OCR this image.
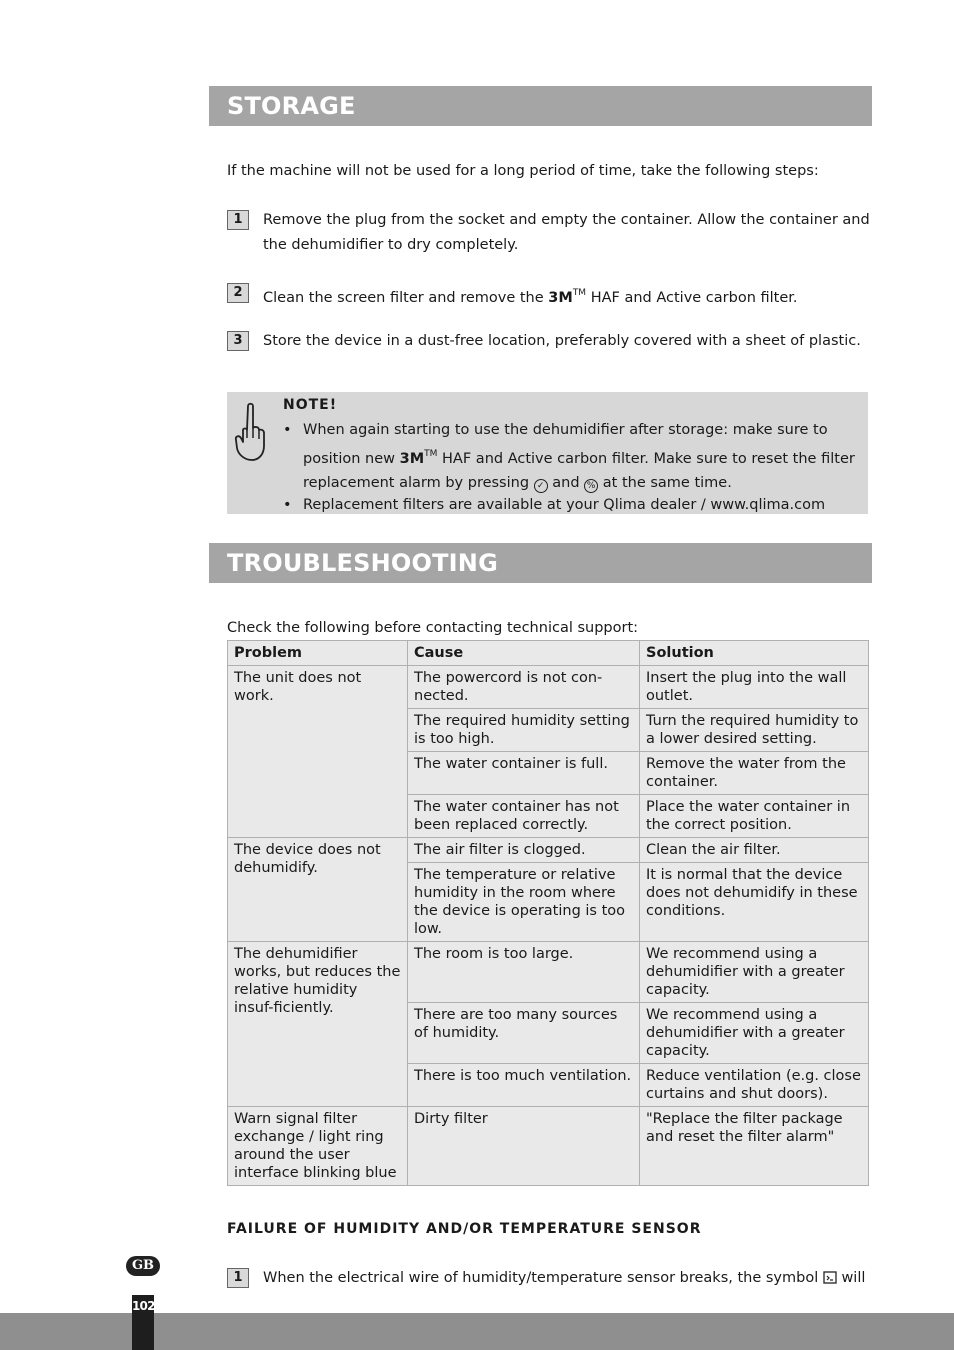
STORAGE
If the machine will not be used for a long period of time, take the following steps:
1	Remove the plug from the socket and empty the container. Allow the container and the dehumidifier to dry completely.
2	Clean the screen filter and remove the 3M™ HAF and Active carbon filter.
3	Store the device in a dust-free location, preferably covered with a sheet of plastic.
NOTE!
• When again starting to use the dehumidifier after storage: make sure to position new 3M™ HAF and Active carbon filter. Make sure to reset the filter replacement alarm by pressing ✓ and % at the same time.
• Replacement filters are available at your Qlima dealer / www.qlima.com
TROUBLESHOOTING
Check the following before contacting technical support:
Problem	Cause	Solution
The unit does not work.	The powercord is not con-nected.	Insert the plug into the wall outlet.
	The required humidity setting is too high.	Turn the required humidity to a lower desired setting.
	The water container is full.	Remove the water from the container.
	The water container has not been replaced correctly.	Place the water container in the correct position.
The device does not dehumidify.	The air filter is clogged.	Clean the air filter.
	The temperature or relative humidity in the room where the device is operating is too low.	It is normal that the device does not dehumidify in these conditions.
The dehumidifier works, but reduces the relative humidity insuf-ficiently.	The room is too large.	We recommend using a dehumidifier with a greater capacity.
	There are too many sources of humidity.	We recommend using a dehumidifier with a greater capacity.
	There is too much ventilation.	Reduce ventilation (e.g. close curtains and shut doors).
Warn signal filter exchange / light ring around the user interface blinking blue	Dirty filter	"Replace the filter package and reset the filter alarm"
FAILURE OF HUMIDITY AND/OR TEMPERATURE SENSOR
1	When the electrical wire of humidity/temperature sensor breaks, the symbol  will
GB
102
